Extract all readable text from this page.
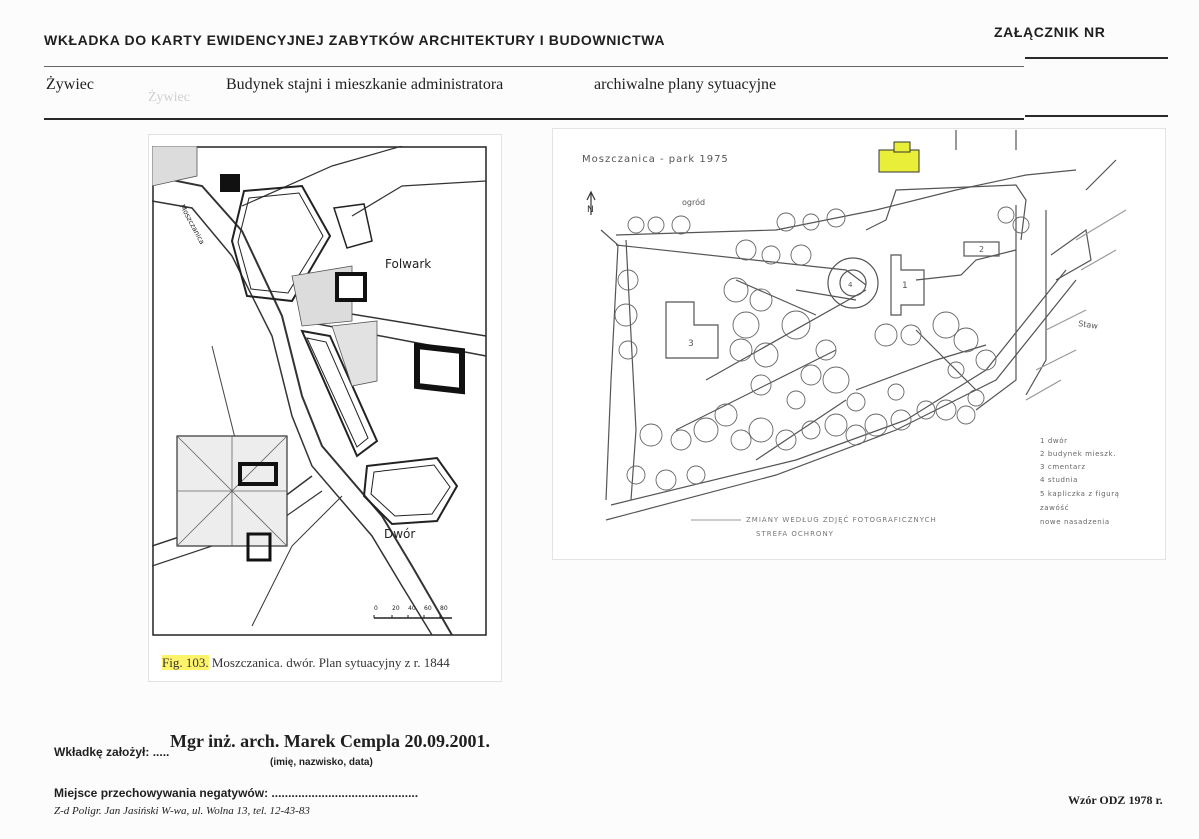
WKŁADKA DO KARTY EWIDENCYJNEJ ZABYTKÓW ARCHITEKTURY I BUDOWNICTWA	ZAŁĄCZNIK NR
Żywiec
Żywiec	Budynek stajni i mieszkanie administratora	archiwalne plany sytuacyjne
Folwark
Dwór
Moszczanica
0 20 40 60 80
Fig. 103. Moszczanica. dwór. Plan sytuacyjny z r. 1844
N
Moszczanica - park 1975
ogród
Staw
1
2
3
4
1 dwór
2 budynek mieszk.
3 cmentarz
4 studnia
5 kapliczka z figurą
zawóść
nowe nasadzenia
ZMIANY WEDŁUG ZDJĘĆ FOTOGRAFICZNYCH
STREFA OCHRONY
Mgr inż. arch. Marek Cempla 20.09.2001.
Wkładkę założył: .....
(imię, nazwisko, data)
Miejsce przechowywania negatywów: ............................................
Z-d Poligr. Jan Jasiński W-wa, ul. Wolna 13, tel. 12-43-83
Wzór ODZ 1978 r.
